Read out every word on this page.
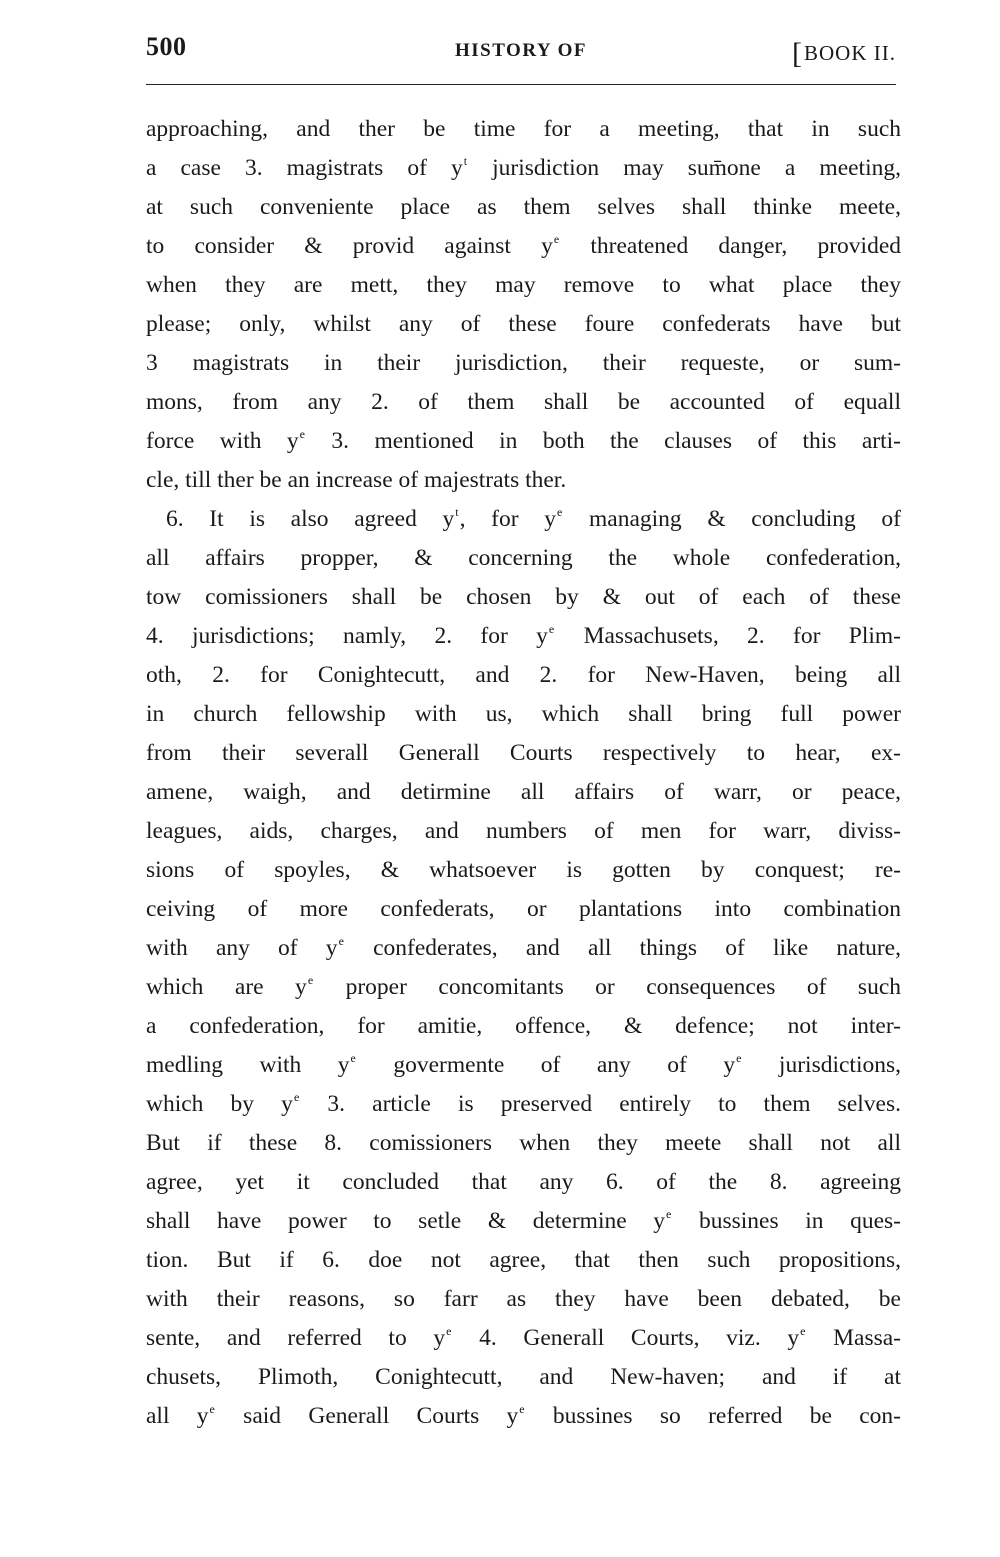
500	HISTORY OF	[BOOK II.
approaching, and ther be time for a meeting, that in such
a case 3. magistrats of $y^t$ jurisdiction may sum̄one a meeting,
at such conveniente place as them selves shall thinke meete,
to consider & provid against $y^e$ threatened danger, provided
when they are mett, they may remove to what place they
please; only, whilst any of these foure confederats have but
3 magistrats in their jurisdiction, their requeste, or sum-
mons, from any 2. of them shall be accounted of equall
force with $y^e$ 3. mentioned in both the clauses of this arti-
cle, till ther be an increase of majestrats ther.
6. It is also agreed $y^t$, for $y^e$ managing & concluding of
all affairs propper, & concerning the whole confederation,
tow comissioners shall be chosen by & out of each of these
4. jurisdictions; namly, 2. for $y^e$ Massachusets, 2. for Plim-
oth, 2. for Conightecutt, and 2. for New-Haven, being all
in church fellowship with us, which shall bring full power
from their severall Generall Courts respectively to hear, ex-
amene, waigh, and detirmine all affairs of warr, or peace,
leagues, aids, charges, and numbers of men for warr, diviss-
sions of spoyles, & whatsoever is gotten by conquest; re-
ceiving of more confederats, or plantations into combination
with any of $y^e$ confederates, and all things of like nature,
which are $y^e$ proper concomitants or consequences of such
a confederation, for amitie, offence, & defence; not inter-
medling with $y^e$ govermente of any of $y^e$ jurisdictions,
which by $y^e$ 3. article is preserved entirely to them selves.
But if these 8. comissioners when they meete shall not all
agree, yet it concluded that any 6. of the 8. agreeing
shall have power to setle & determine $y^e$ bussines in ques-
tion. But if 6. doe not agree, that then such propositions,
with their reasons, so farr as they have been debated, be
sente, and referred to $y^e$ 4. Generall Courts, viz. $y^e$ Massa-
chusets, Plimoth, Conightecutt, and New-haven; and if at
all $y^e$ said Generall Courts $y^e$ bussines so referred be con-
